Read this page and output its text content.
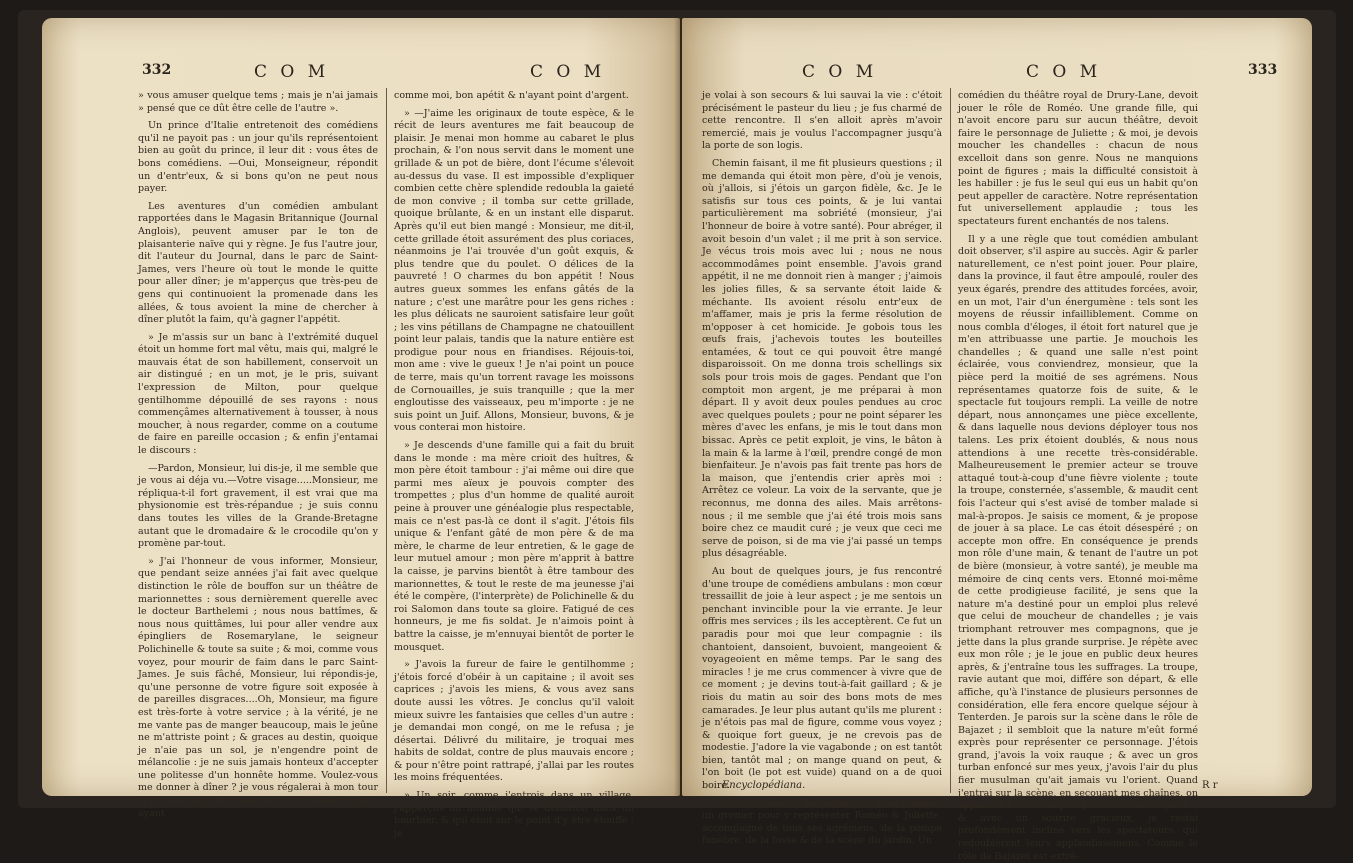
332	C O M	C O M

» vous amuser quelque tems ; mais je n'ai jamais » pensé que ce dût être celle de l'autre ».

Un prince d'Italie entretenoit des comédiens qu'il ne payoit pas : un jour qu'ils représentoient bien au goût du prince, il leur dit : vous êtes de bons comédiens. —Oui, Monseigneur, répondit un d'entr'eux, & si bons qu'on ne peut nous payer.

Les aventures d'un comédien ambulant rapportées dans le Magasin Britannique (Journal Anglois), peuvent amuser par le ton de plaisanterie naïve qui y règne. Je fus l'autre jour, dit l'auteur du Journal, dans le parc de Saint-James, vers l'heure où tout le monde le quitte pour aller dîner; je m'apperçus que très-peu de gens qui continuoient la promenade dans les allées, & tous avoient la mine de chercher à dîner plutôt la faim, qu'à gagner l'appétit.

» Je m'assis sur un banc à l'extrémité duquel étoit un homme fort mal vêtu, mais qui, malgré le mauvais état de son habillement, conservoit un air distingué ; en un mot, je le pris, suivant l'expression de Milton, pour quelque gentilhomme dépouillé de ses rayons : nous commençâmes alternativement à tousser, à nous moucher, à nous regarder, comme on a coutume de faire en pareille occasion ; & enfin j'entamai le discours :

—Pardon, Monsieur, lui dis-je, il me semble que je vous ai déja vu.—Votre visage.....Monsieur, me répliqua-t-il fort gravement, il est vrai que ma physionomie est très-répandue ; je suis connu dans toutes les villes de la Grande-Bretagne autant que le dromadaire & le crocodile qu'on y promène par-tout.

» J'ai l'honneur de vous informer, Monsieur, que pendant seize années j'ai fait avec quelque distinction le rôle de bouffon sur un théâtre de marionnettes : sous dernièrement querelle avec le docteur Barthelemi ; nous nous battîmes, & nous nous quittâmes, lui pour aller vendre aux épingliers de Rosemarylane, le seigneur Polichinelle & toute sa suite ; & moi, comme vous voyez, pour mourir de faim dans le parc Saint-James. Je suis fâché, Monsieur, lui répondis-je, qu'une personne de votre figure soit exposée à de pareilles disgraces....Oh, Monsieur, ma figure est très-forte à votre service ; à la vérité, je ne me vante pas de manger beaucoup, mais le jeûne ne m'attriste point ; & graces au destin, quoique je n'aie pas un sol, je n'engendre point de mélancolie : je ne suis jamais honteux d'accepter une politesse d'un honnête homme. Voulez-vous me donner à dîner ? je vous régalerai à mon tour si je vous rencontre une autre fois dans ce parc, ayant

comme moi, bon apétit & n'ayant point d'argent.

» —J'aime les originaux de toute espèce, & le récit de leurs aventures me fait beaucoup de plaisir. Je menai mon homme au cabaret le plus prochain, & l'on nous servit dans le moment une grillade & un pot de bière, dont l'écume s'élevoit au-dessus du vase. Il est impossible d'expliquer combien cette chère splendide redoubla la gaieté de mon convive ; il tomba sur cette grillade, quoique brûlante, & en un instant elle disparut. Après qu'il eut bien mangé : Monsieur, me dit-il, cette grillade étoit assurément des plus coriaces, néanmoins je l'ai trouvée d'un goût exquis, & plus tendre que du poulet. O délices de la pauvreté ! O charmes du bon appétit ! Nous autres gueux sommes les enfans gâtés de la nature ; c'est une marâtre pour les gens riches : les plus délicats ne sauroient satisfaire leur goût ; les vins pétillans de Champagne ne chatouillent point leur palais, tandis que la nature entière est prodigue pour nous en friandises. Réjouis-toi, mon ame : vive le gueux ! Je n'ai point un pouce de terre, mais qu'un torrent ravage les moissons de Cornouailles, je suis tranquille ; que la mer engloutisse des vaisseaux, peu m'importe : je ne suis point un Juif. Allons, Monsieur, buvons, & je vous conterai mon histoire.

» Je descends d'une famille qui a fait du bruit dans le monde : ma mère crioit des huîtres, & mon père étoit tambour : j'ai même oui dire que parmi mes aïeux je pouvois compter des trompettes ; plus d'un homme de qualité auroit peine à prouver une généalogie plus respectable, mais ce n'est pas-là ce dont il s'agit. J'étois fils unique & l'enfant gâté de mon père & de ma mère, le charme de leur entretien, & le gage de leur mutuel amour ; mon père m'apprit à battre la caisse, je parvins bientôt à être tambour des marionnettes, & tout le reste de ma jeunesse j'ai été le compère, (l'interprète) de Polichinelle & du roi Salomon dans toute sa gloire. Fatigué de ces honneurs, je me fis soldat. Je n'aimois point à battre la caisse, je m'ennuyai bientôt de porter le mousquet.

» J'avois la fureur de faire le gentilhomme ; j'étois forcé d'obéir à un capitaine ; il avoit ses caprices ; j'avois les miens, & vous avez sans doute aussi les vôtres. Je conclus qu'il valoit mieux suivre les fantaisies que celles d'un autre : je demandai mon congé, on me le refusa ; je désertai. Délivré du militaire, je troquai mes habits de soldat, contre de plus mauvais encore ; & pour n'être point rattrapé, j'allai par les routes les moins fréquentées.

» Un soir, comme j'entrois dans un village, j'apperçus un homme qui se débattoit dans un bourbier, & qui étoit sur le point d'y être étouffé ; je

C O M	C O M	333

je volai à son secours & lui sauvai la vie : c'étoit précisément le pasteur du lieu ; je fus charmé de cette rencontre. Il s'en alloit après m'avoir remercié, mais je voulus l'accompagner jusqu'à la porte de son logis.

Chemin faisant, il me fit plusieurs questions ; il me demanda qui étoit mon père, d'où je venois, où j'allois, si j'étois un garçon fidèle, &c. Je le satisfis sur tous ces points, & je lui vantai particulièrement ma sobriété (monsieur, j'ai l'honneur de boire à votre santé). Pour abréger, il avoit besoin d'un valet ; il me prit à son service. Je vécus trois mois avec lui ; nous ne nous accommodâmes point ensemble. J'avois grand appétit, il ne me donnoit rien à manger ; j'aimois les jolies filles, & sa servante étoit laide & méchante. Ils avoient résolu entr'eux de m'affamer, mais je pris la ferme résolution de m'opposer à cet homicide. Je gobois tous les œufs frais, j'achevois toutes les bouteilles entamées, & tout ce qui pouvoit être mangé disparoissoit. On me donna trois schellings six sols pour trois mois de gages. Pendant que l'on comptoit mon argent, je me préparai à mon départ. Il y avoit deux poules pendues au croc avec quelques poulets ; pour ne point séparer les mères d'avec les enfans, je mis le tout dans mon bissac. Après ce petit exploit, je vins, le bâton à la main & la larme à l'œil, prendre congé de mon bienfaiteur. Je n'avois pas fait trente pas hors de la maison, que j'entendis crier après moi : Arrêtez ce voleur. La voix de la servante, que je reconnus, me donna des ailes. Mais arrêtons-nous ; il me semble que j'ai été trois mois sans boire chez ce maudit curé ; je veux que ceci me serve de poison, si de ma vie j'ai passé un temps plus désagréable.

Au bout de quelques jours, je fus rencontré d'une troupe de comédiens ambulans : mon cœur tressaillit de joie à leur aspect ; je me sentois un penchant invincible pour la vie errante. Je leur offris mes services ; ils les acceptèrent. Ce fut un paradis pour moi que leur compagnie : ils chantoient, dansoient, buvoient, mangeoient & voyageoient en même temps. Par le sang des miracles ! je me crus commencer à vivre que de ce moment ; je devins tout-à-fait gaillard ; & je riois du matin au soir des bons mots de mes camarades. Je leur plus autant qu'ils me plurent : je n'étois pas mal de figure, comme vous voyez ; & quoique fort gueux, je ne crevois pas de modestie. J'adore la vie vagabonde ; on est tantôt bien, tantôt mal ; on mange quand on peut, & l'on boit (le pot est vuide) quand on a de quoi boire.

Nous arrivâmes à Tenterden, où nous louâmes un grenier pour y représenter Roméo & Juliette, accompagné de tous ses agrémens, de la pompe funèbre, de la fosse & de la scène du jardin. Un

Encyclopédiana.

comédien du théâtre royal de Drury-Lane, devoit jouer le rôle de Roméo. Une grande fille, qui n'avoit encore paru sur aucun théâtre, devoit faire le personnage de Juliette ; & moi, je devois moucher les chandelles : chacun de nous excelloit dans son genre. Nous ne manquions point de figures ; mais la difficulté consistoit à les habiller : je fus le seul qui eus un habit qu'on peut appeller de caractère. Notre représentation fut universellement applaudie ; tous les spectateurs furent enchantés de nos talens.

Il y a une règle que tout comédien ambulant doit observer, s'il aspire au succès. Agir & parler naturellement, ce n'est point jouer. Pour plaire, dans la province, il faut être ampoulé, rouler des yeux égarés, prendre des attitudes forcées, avoir, en un mot, l'air d'un énergumène : tels sont les moyens de réussir infailliblement. Comme on nous combla d'éloges, il étoit fort naturel que je m'en attribuasse une partie. Je mouchois les chandelles ; & quand une salle n'est point éclairée, vous conviendrez, monsieur, que la pièce perd la moitié de ses agrémens. Nous représentames quatorze fois de suite, & le spectacle fut toujours rempli. La veille de notre départ, nous annonçames une pièce excellente, & dans laquelle nous devions déployer tous nos talens. Les prix étoient doublés, & nous nous attendions à une recette très-considérable. Malheureusement le premier acteur se trouve attaqué tout-à-coup d'une fièvre violente ; toute la troupe, consternée, s'assemble, & maudit cent fois l'acteur qui s'est avisé de tomber malade si mal-à-propos. Je saisis ce moment, & je propose de jouer à sa place. Le cas étoit désespéré ; on accepte mon offre. En conséquence je prends mon rôle d'une main, & tenant de l'autre un pot de bière (monsieur, à votre santé), je meuble ma mémoire de cinq cents vers. Etonné moi-même de cette prodigieuse facilité, je sens que la nature m'a destiné pour un emploi plus relevé que celui de moucheur de chandelles ; je vais triomphant retrouver mes compagnons, que je jette dans la plus grande surprise. Je répète avec eux mon rôle ; je le joue en public deux heures après, & j'entraîne tous les suffrages. La troupe, ravie autant que moi, différe son départ, & elle affiche, qu'à l'instance de plusieurs personnes de considération, elle fera encore quelque séjour à Tenterden. Je parois sur la scène dans le rôle de Bajazet ; il sembloit que la nature m'eût formé exprès pour représenter ce personnage. J'étois grand, j'avois la voix rauque ; & avec un gros turban enfoncé sur mes yeux, j'avois l'air du plus fier musulman qu'ait jamais vu l'orient. Quand j'entrai sur la scène, en secouant mes chaînes, on applaudit à tout rompre. J'adoucis mes regards ; & avec un sourire gracieux, je restai profondément incliné vers les spectateurs, qui redoublèrent leurs applaudissemens. Comme le rôle de Bajazet est extrê-

R r
